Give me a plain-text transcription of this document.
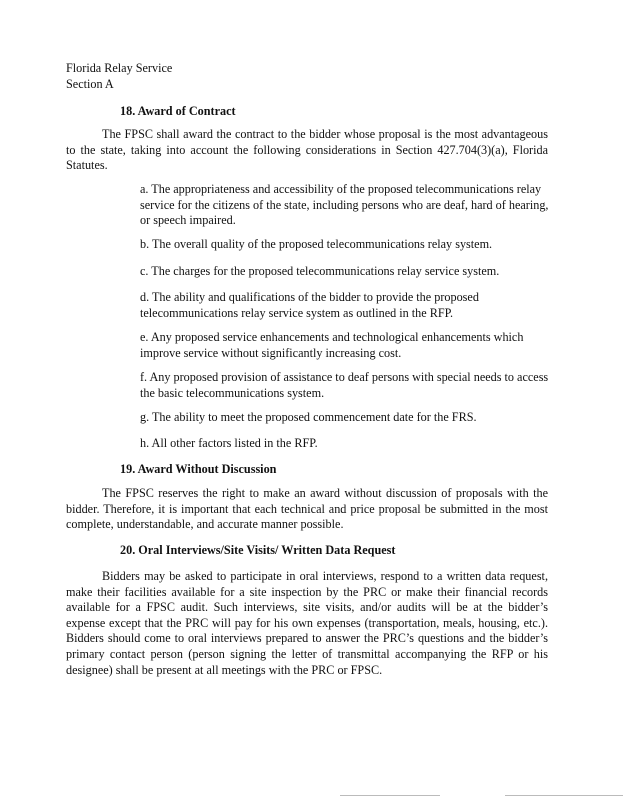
Florida Relay Service
Section A
18. Award of Contract
The FPSC shall award the contract to the bidder whose proposal is the most advantageous to the state, taking into account the following considerations in Section 427.704(3)(a), Florida Statutes.
a. The appropriateness and accessibility of the proposed telecommunications relay service for the citizens of the state, including persons who are deaf, hard of hearing, or speech impaired.
b. The overall quality of the proposed telecommunications relay system.
c. The charges for the proposed telecommunications relay service system.
d. The ability and qualifications of the bidder to provide the proposed telecommunications relay service system as outlined in the RFP.
e. Any proposed service enhancements and technological enhancements which improve service without significantly increasing cost.
f. Any proposed provision of assistance to deaf persons with special needs to access the basic telecommunications system.
g. The ability to meet the proposed commencement date for the FRS.
h. All other factors listed in the RFP.
19. Award Without Discussion
The FPSC reserves the right to make an award without discussion of proposals with the bidder. Therefore, it is important that each technical and price proposal be submitted in the most complete, understandable, and accurate manner possible.
20. Oral Interviews/Site Visits/ Written Data Request
Bidders may be asked to participate in oral interviews, respond to a written data request, make their facilities available for a site inspection by the PRC or make their financial records available for a FPSC audit. Such interviews, site visits, and/or audits will be at the bidder’s expense except that the PRC will pay for his own expenses (transportation, meals, housing, etc.). Bidders should come to oral interviews prepared to answer the PRC’s questions and the bidder’s primary contact person (person signing the letter of transmittal accompanying the RFP or his designee) shall be present at all meetings with the PRC or FPSC.
